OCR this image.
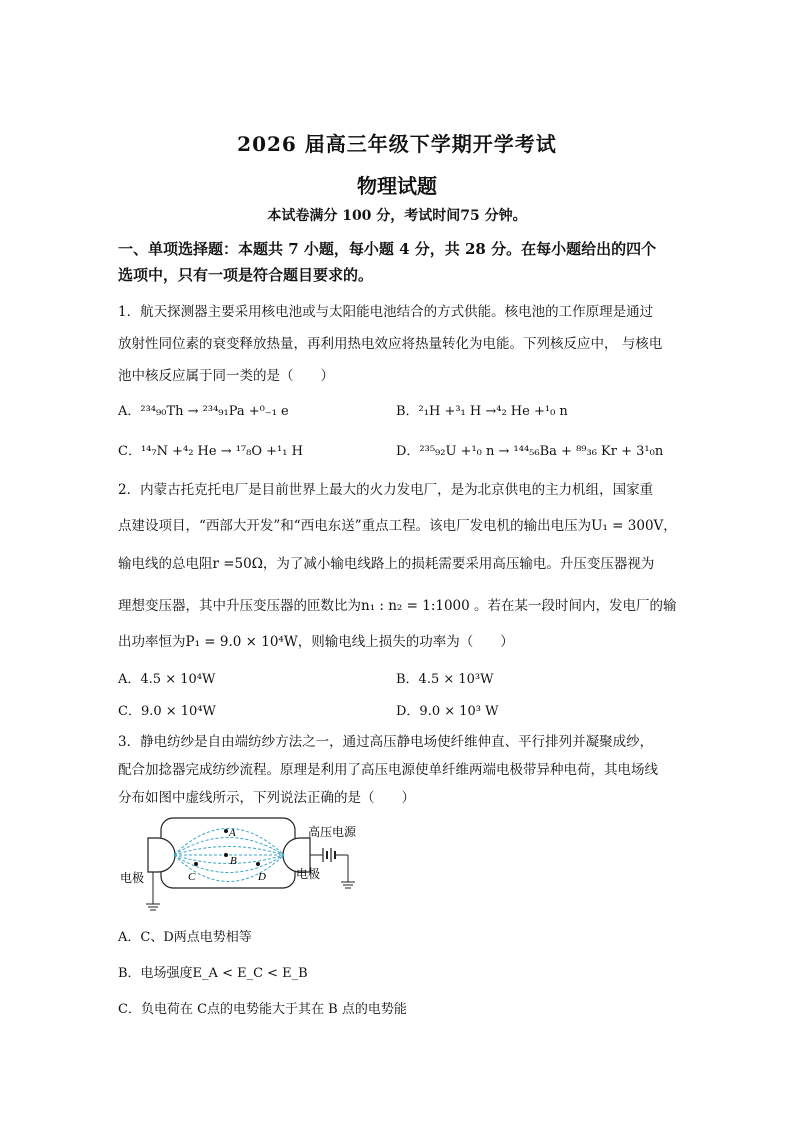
2026 届高三年级下学期开学考试
物理试题
本试卷满分 100 分，考试时间75 分钟。
一、单项选择题：本题共 7 小题，每小题 4 分，共 28 分。在每小题给出的四个
选项中，只有一项是符合题目要求的。
1．航天探测器主要采用核电池或与太阳能电池结合的方式供能。核电池的工作原理是通过
放射性同位素的衰变释放热量，再利用热电效应将热量转化为电能。下列核反应中， 与核电
池中核反应属于同一类的是（　　）
A．²³⁴₉₀Th → ²³⁴₉₁Pa +⁰₋₁ e	B．²₁H +³₁ H →⁴₂ He +¹₀ n
C．¹⁴₇N +⁴₂ He → ¹⁷₈O +¹₁ H	D．²³⁵₉₂U +¹₀ n → ¹⁴⁴₅₆Ba + ⁸⁹₃₆ Kr + 3¹₀n
2．内蒙古托克托电厂是目前世界上最大的火力发电厂，是为北京供电的主力机组，国家重
点建设项目，“西部大开发”和“西电东送”重点工程。该电厂发电机的输出电压为U₁ = 300V，
输电线的总电阻r =50Ω，为了减小输电线路上的损耗需要采用高压输电。升压变压器视为
理想变压器，其中升压变压器的匝数比为n₁ : n₂ = 1:1000 。若在某一段时间内，发电厂的输
出功率恒为P₁ = 9.0 × 10⁴W，则输电线上损失的功率为（　　）
A．4.5 × 10⁴W	B．4.5 × 10³W
C．9.0 × 10⁴W	D．9.0 × 10³ W
3．静电纺纱是自由端纺纱方法之一，通过高压静电场使纤维伸直、平行排列并凝聚成纱，
配合加捻器完成纺纱流程。原理是利用了高压电源使单纤维两端电极带异种电荷，其电场线
分布如图中虚线所示，下列说法正确的是（　　）
A
B
C	D
高压电源
电极	电极
A．C、D两点电势相等
B．电场强度E_A < E_C < E_B
C．负电荷在 C点的电势能大于其在 B 点的电势能
